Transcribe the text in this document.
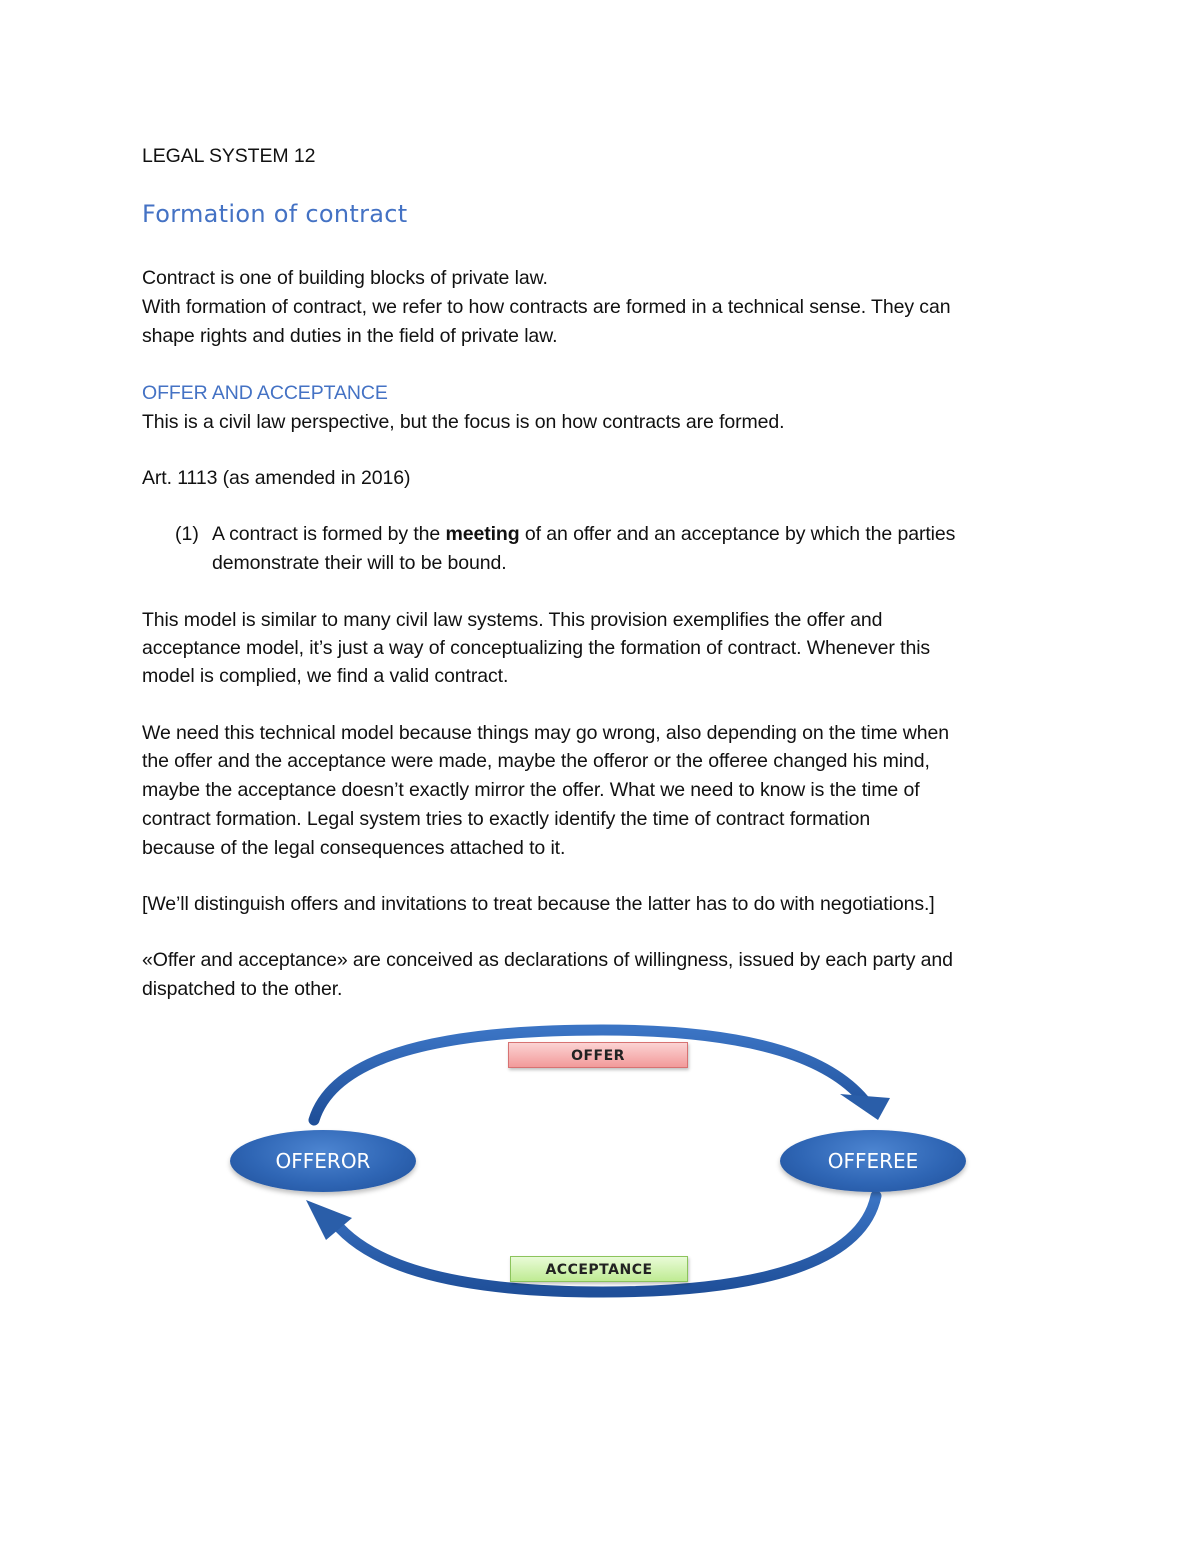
LEGAL SYSTEM 12
Formation of contract
Contract is one of building blocks of private law.
With formation of contract, we refer to how contracts are formed in a technical sense. They can
shape rights and duties in the field of private law.
OFFER AND ACCEPTANCE
This is a civil law perspective, but the focus is on how contracts are formed.
Art. 1113 (as amended in 2016)
(1) A contract is formed by the meeting of an offer and an acceptance by which the parties
demonstrate their will to be bound.
This model is similar to many civil law systems. This provision exemplifies the offer and
acceptance model, it’s just a way of conceptualizing the formation of contract. Whenever this
model is complied, we find a valid contract.
We need this technical model because things may go wrong, also depending on the time when
the offer and the acceptance were made, maybe the offeror or the offeree changed his mind,
maybe the acceptance doesn’t exactly mirror the offer. What we need to know is the time of
contract formation. Legal system tries to exactly identify the time of contract formation
because of the legal consequences attached to it.
[We’ll distinguish offers and invitations to treat because the latter has to do with negotiations.]
«Offer and acceptance» are conceived as declarations of willingness, issued by each party and
dispatched to the other.
OFFER
ACCEPTANCE
OFFEROR	OFFEREE
